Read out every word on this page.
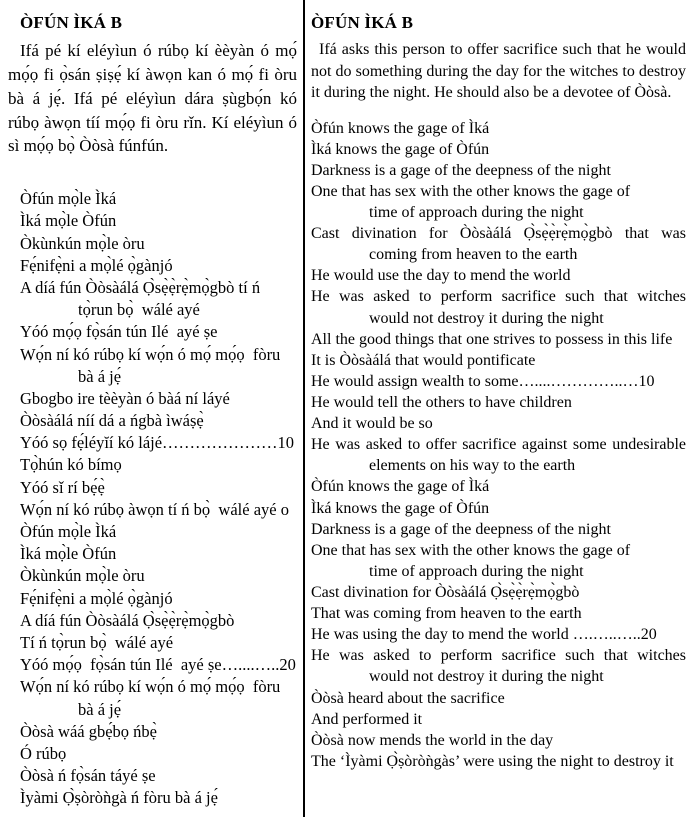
ÒFÚN ÌKÁ B

Ifá pé kí eléyìun ó rúbọ kí èèyàn ó mọ́ mọ́ọ fi ọ̀sán ṣiṣẹ́ kí àwọn kan ó mọ́ fi òru bà á jẹ́. Ifá pé eléyìun dára ṣùgbọ́n kó rúbọ àwọn tíí mọ́ọ fi òru rǐn. Kí eléyìun ó sì mọ́ọ bọ̀ Òòsà fúnfún.

Òfún mọ̀le Ìká
Ìká mọ̀le Òfún
Òkùnkún mọ̀le òru
Fẹ́nifẹ̀ni a mọ̀lé ọ̀gànjó
A díá fún Òòsàálá Ọ̀sẹ̀ẹ̀rẹ̀mọ̀gbò tí ń
tọ̀run bọ̀  wálé ayé
Yóó mọ́ọ fọ̀sán tún Ilé  ayé ṣe
Wọ́n ní kó rúbọ kí wọ́n ó mọ́ mọ́ọ  fòru
bà á jẹ́
Gbogbo ire tèèyàn ó bàá ní láyé
Òòsàálá níí dá a ńgbà ìwáṣẹ̀
Yóó sọ fẹ́léyĭí kó lájé…………………10
Tọ̀hún kó bímọ
Yóó sǐ rí bẹ́ẹ̀
Wọ́n ní kó rúbọ àwọn tí ń bọ̀  wálé ayé o
Òfún mọ̀le Ìká
Ìká mọ̀le Òfún
Òkùnkún mọ̀le òru
Fẹ́nifẹ̀ni a mọ̀lé ọ̀gànjó
A díá fún Òòsàálá Ọ̀sẹ̀ẹ̀rẹ̀mọ̀gbò
Tí ń tọ̀run bọ̀  wálé ayé
Yóó mọ́ọ  fọ̀sán tún Ilé  ayé ṣe…....…..20
Wọ́n ní kó rúbọ kí wọ́n ó mọ́ mọ́ọ  fòru
bà á jẹ́
Òòsà wáá gbẹ́bọ ńbẹ̀
Ó rúbọ
Òòsà ń fọ̀sán táyé ṣe
Ìyàmi Ọ̀ṣòròǹgà ń fòru bà á jẹ́
ÒFÚN ÌKÁ B

Ifá asks this person to offer sacrifice such that he would not do something during the day for the witches to destroy it during the night. He should also be a devotee of Òòsà.

Òfún knows the gage of Ìká
Ìká knows the gage of Òfún
Darkness is a gage of the deepness of the night
One that has sex with the other knows the gage of
time of approach during the night
Cast divination for Òòsàálá Ọ̀sẹ̀ẹ̀rẹ̀mọ̀gbò that was coming from heaven to the earth
He would use the day to mend the world
He was asked to perform sacrifice such that witches would not destroy it during the night
All the good things that one strives to possess in this life
It is Òòsàálá that would pontificate
He would assign wealth to some…....…………..…10
He would tell the others to have children
And it would be so
He was asked to offer sacrifice against some undesirable elements on his way to the earth
Òfún knows the gage of Ìká
Ìká knows the gage of Òfún
Darkness is a gage of the deepness of the night
One that has sex with the other knows the gage of
time of approach during the night
Cast divination for Òòsàálá Ọ̀sẹ̀ẹ̀rẹ̀mọ̀gbò
That was coming from heaven to the earth
He was using the day to mend the world ….…..…..20
He was asked to perform sacrifice such that witches would not destroy it during the night
Òòsà heard about the sacrifice
And performed it
Òòsà now mends the world in the day
The ‘Ìyàmi Ọ̀ṣòròǹgàs’ were using the night to destroy it
